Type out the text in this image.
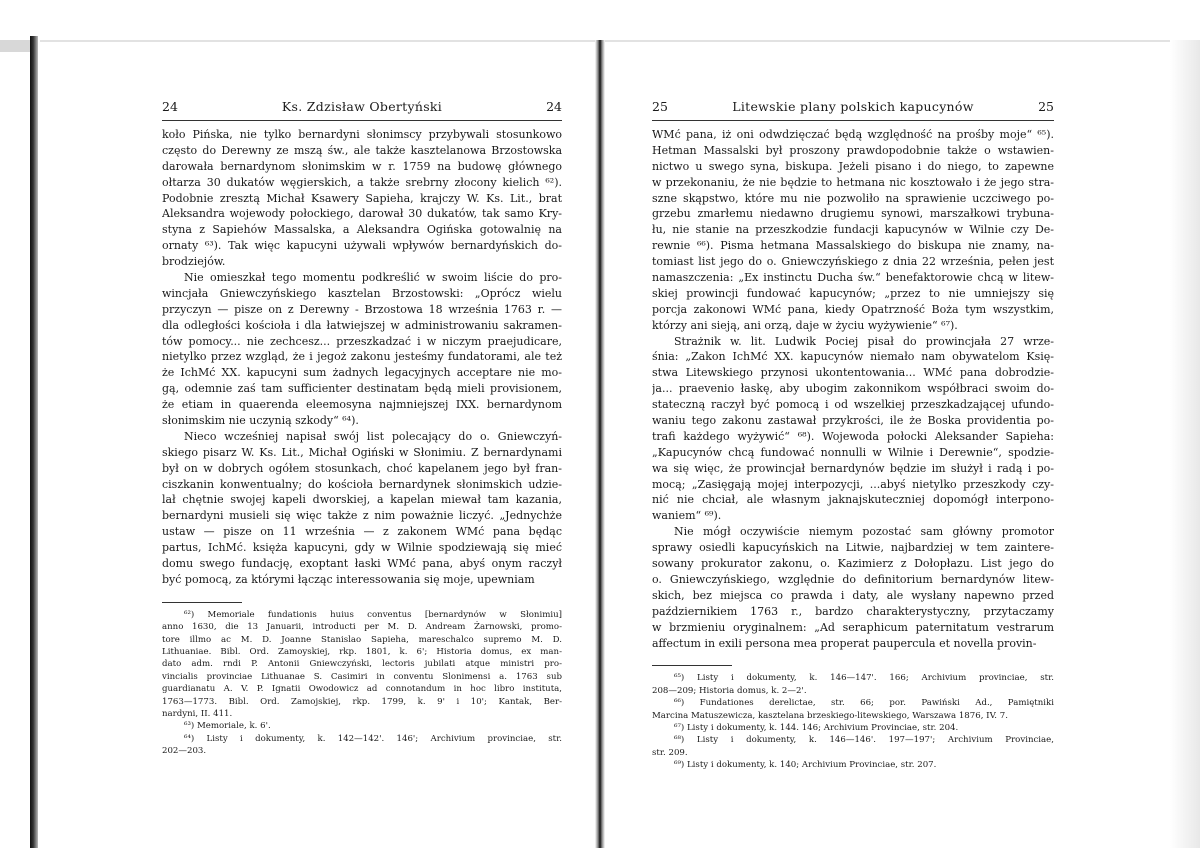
24	Ks. Zdzisław Obertyński	24
koło Pińska, nie tylko bernardyni słonimscy przybywali stosunkowo
często do Derewny ze mszą św., ale także kasztelanowa Brzostowska
darowała bernardynom słonimskim w r. 1759 na budowę głównego
ołtarza 30 dukatów węgierskich, a także srebrny złocony kielich ⁶²).
Podobnie zresztą Michał Ksawery Sapieha, krajczy W. Ks. Lit., brat
Aleksandra wojewody połockiego, darował 30 dukatów, tak samo Kry-
styna z Sapiehów Massalska, a Aleksandra Ogińska gotowalnię na
ornaty ⁶³). Tak więc kapucyni używali wpływów bernardyńskich do-
brodziejów.
Nie omieszkał tego momentu podkreślić w swoim liście do pro-
wincjała Gniewczyńskiego kasztelan Brzostowski: „Oprócz wielu
przyczyn — pisze on z Derewny - Brzostowa 18 września 1763 r. —
dla odległości kościoła i dla łatwiejszej w administrowaniu sakramen-
tów pomocy... nie zechcesz... przeszkadzać i w niczym praejudicare,
nietylko przez wzgląd, że i jegoż zakonu jesteśmy fundatorami, ale też
że IchMć XX. kapucyni sum żadnych legacyjnych acceptare nie mo-
gą, odemnie zaś tam sufficienter destinatam będą mieli provisionem,
że etiam in quaerenda eleemosyna najmniejszej IXX. bernardynom
słonimskim nie uczynią szkody“ ⁶⁴).
Nieco wcześniej napisał swój list polecający do o. Gniewczyń-
skiego pisarz W. Ks. Lit., Michał Ogiński w Słonimiu. Z bernardynami
był on w dobrych ogółem stosunkach, choć kapelanem jego był fran-
ciszkanin konwentualny; do kościoła bernardynek słonimskich udzie-
lał chętnie swojej kapeli dworskiej, a kapelan miewał tam kazania,
bernardyni musieli się więc także z nim poważnie liczyć. „Jednychże
ustaw — pisze on 11 września — z zakonem WMć pana będąc
partus, IchMć. księża kapucyni, gdy w Wilnie spodziewają się mieć
domu swego fundację, exoptant łaski WMć pana, abyś onym raczył
być pomocą, za którymi łącząc interessowania się moje, upewniam
⁶²) Memoriale fundationis huius conventus [bernardynów w Słonimiu]
anno 1630, die 13 Januarii, introducti per M. D. Andream Żarnowski, promo-
tore illmo ac M. D. Joanne Stanislao Sapieha, mareschalco supremo M. D.
Lithuaniae. Bibl. Ord. Zamoyskiej, rkp. 1801, k. 6'; Historia domus, ex man-
dato adm. rndi P. Antonii Gniewczyński, lectoris jubilati atque ministri pro-
vincialis provinciae Lithuanae S. Casimiri in conventu Slonimensi a. 1763 sub
guardianatu A. V. P. Ignatii Owodowicz ad connotandum in hoc libro instituta,
1763—1773. Bibl. Ord. Zamojskiej, rkp. 1799, k. 9' i 10'; Kantak, Ber-
nardyni, II. 411.
⁶³) Memoriale, k. 6'.
⁶⁴) Listy i dokumenty, k. 142—142'. 146'; Archivium provinciae, str.
202—203.
25	Litewskie plany polskich kapucynów	25
WMć pana, iż oni odwdzięczać będą względność na prośby moje“ ⁶⁵).
Hetman Massalski był proszony prawdopodobnie także o wstawien-
nictwo u swego syna, biskupa. Jeżeli pisano i do niego, to zapewne
w przekonaniu, że nie będzie to hetmana nic kosztowało i że jego stra-
szne skąpstwo, które mu nie pozwoliło na sprawienie uczciwego po-
grzebu zmarłemu niedawno drugiemu synowi, marszałkowi trybuna-
łu, nie stanie na przeszkodzie fundacji kapucynów w Wilnie czy De-
rewnie ⁶⁶). Pisma hetmana Massalskiego do biskupa nie znamy, na-
tomiast list jego do o. Gniewczyńskiego z dnia 22 września, pełen jest
namaszczenia: „Ex instinctu Ducha św.“ benefaktorowie chcą w litew-
skiej prowincji fundować kapucynów; „przez to nie umniejszy się
porcja zakonowi WMć pana, kiedy Opatrzność Boża tym wszystkim,
którzy ani sieją, ani orzą, daje w życiu wyżywienie“ ⁶⁷).
Strażnik w. lit. Ludwik Pociej pisał do prowincjała 27 wrze-
śnia: „Zakon IchMć XX. kapucynów niemało nam obywatelom Księ-
stwa Litewskiego przynosi ukontentowania... WMć pana dobrodzie-
ja... praevenio łaskę, aby ubogim zakonnikom współbraci swoim do-
stateczną raczył być pomocą i od wszelkiej przeszkadzającej ufundo-
waniu tego zakonu zastawał przykrości, ile że Boska providentia po-
trafi każdego wyżywić“ ⁶⁸). Wojewoda połocki Aleksander Sapieha:
„Kapucynów chcą fundować nonnulli w Wilnie i Derewnie“, spodzie-
wa się więc, że prowincjał bernardynów będzie im służył i radą i po-
mocą; „Zasięgają mojej interpozycji, ...abyś nietylko przeszkody czy-
nić nie chciał, ale własnym jaknajskuteczniej dopomógł interpono-
waniem“ ⁶⁹).
Nie mógł oczywiście niemym pozostać sam główny promotor
sprawy osiedli kapucyńskich na Litwie, najbardziej w tem zaintere-
sowany prokurator zakonu, o. Kazimierz z Dołopłazu. List jego do
o. Gniewczyńskiego, względnie do definitorium bernardynów litew-
skich, bez miejsca co prawda i daty, ale wysłany napewno przed
październikiem 1763 r., bardzo charakterystyczny, przytaczamy
w brzmieniu oryginalnem: „Ad seraphicum paternitatum vestrarum
affectum in exili persona mea properat paupercula et novella provin-
⁶⁵) Listy i dokumenty, k. 146—147'. 166; Archivium provinciae, str.
208—209; Historia domus, k. 2—2'.
⁶⁶) Fundationes derelictae, str. 66; por. Pawiński Ad., Pamiętniki
Marcina Matuszewicza, kasztelana brzeskiego-litewskiego, Warszawa 1876, IV. 7.
⁶⁷) Listy i dokumenty, k. 144. 146; Archivium Provinciae, str. 204.
⁶⁸) Listy i dokumenty, k. 146—146'. 197—197'; Archivium Provinciae,
str. 209.
⁶⁹) Listy i dokumenty, k. 140; Archivium Provinciae, str. 207.
